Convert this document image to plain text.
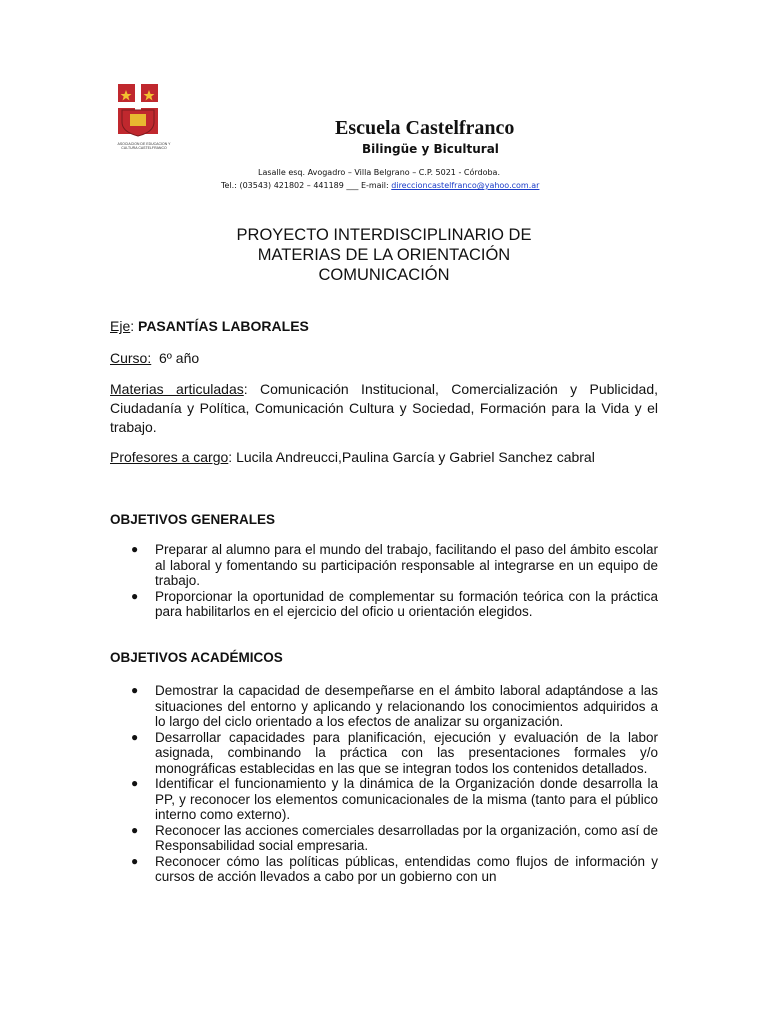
ASOCIACION DE EDUCACION Y CULTURA CASTELFRANCO
Escuela Castelfranco
Bilingüe y Bicultural
Lasalle esq. Avogadro – Villa Belgrano – C.P. 5021 - Córdoba.
Tel.: (03543) 421802 – 441189 ___ E-mail: direccioncastelfranco@yahoo.com.ar
PROYECTO INTERDISCIPLINARIO DE
MATERIAS DE LA ORIENTACIÓN
COMUNICACIÓN
Eje: PASANTÍAS LABORALES
Curso: 6º año
Materias articuladas: Comunicación Institucional, Comercialización y Publicidad, Ciudadanía y Política, Comunicación Cultura y Sociedad, Formación para la Vida y el trabajo.
Profesores a cargo: Lucila Andreucci,Paulina García y Gabriel Sanchez cabral
OBJETIVOS GENERALES
● Preparar al alumno para el mundo del trabajo, facilitando el paso del ámbito escolar al laboral y fomentando su participación responsable al integrarse en un equipo de trabajo.
● Proporcionar la oportunidad de complementar su formación teórica con la práctica para habilitarlos en el ejercicio del oficio u orientación elegidos.
OBJETIVOS ACADÉMICOS
● Demostrar la capacidad de desempeñarse en el ámbito laboral adaptándose a las situaciones del entorno y aplicando y relacionando los conocimientos adquiridos a lo largo del ciclo orientado a los efectos de analizar su organización.
● Desarrollar capacidades para planificación, ejecución y evaluación de la labor asignada, combinando la práctica con las presentaciones formales y/o monográficas establecidas en las que se integran todos los contenidos detallados.
● Identificar el funcionamiento y la dinámica de la Organización donde desarrolla la PP, y reconocer los elementos comunicacionales de la misma (tanto para el público interno como externo).
● Reconocer las acciones comerciales desarrolladas por la organización, como así de Responsabilidad social empresaria.
● Reconocer cómo las políticas públicas, entendidas como flujos de información y cursos de acción llevados a cabo por un gobierno con un
